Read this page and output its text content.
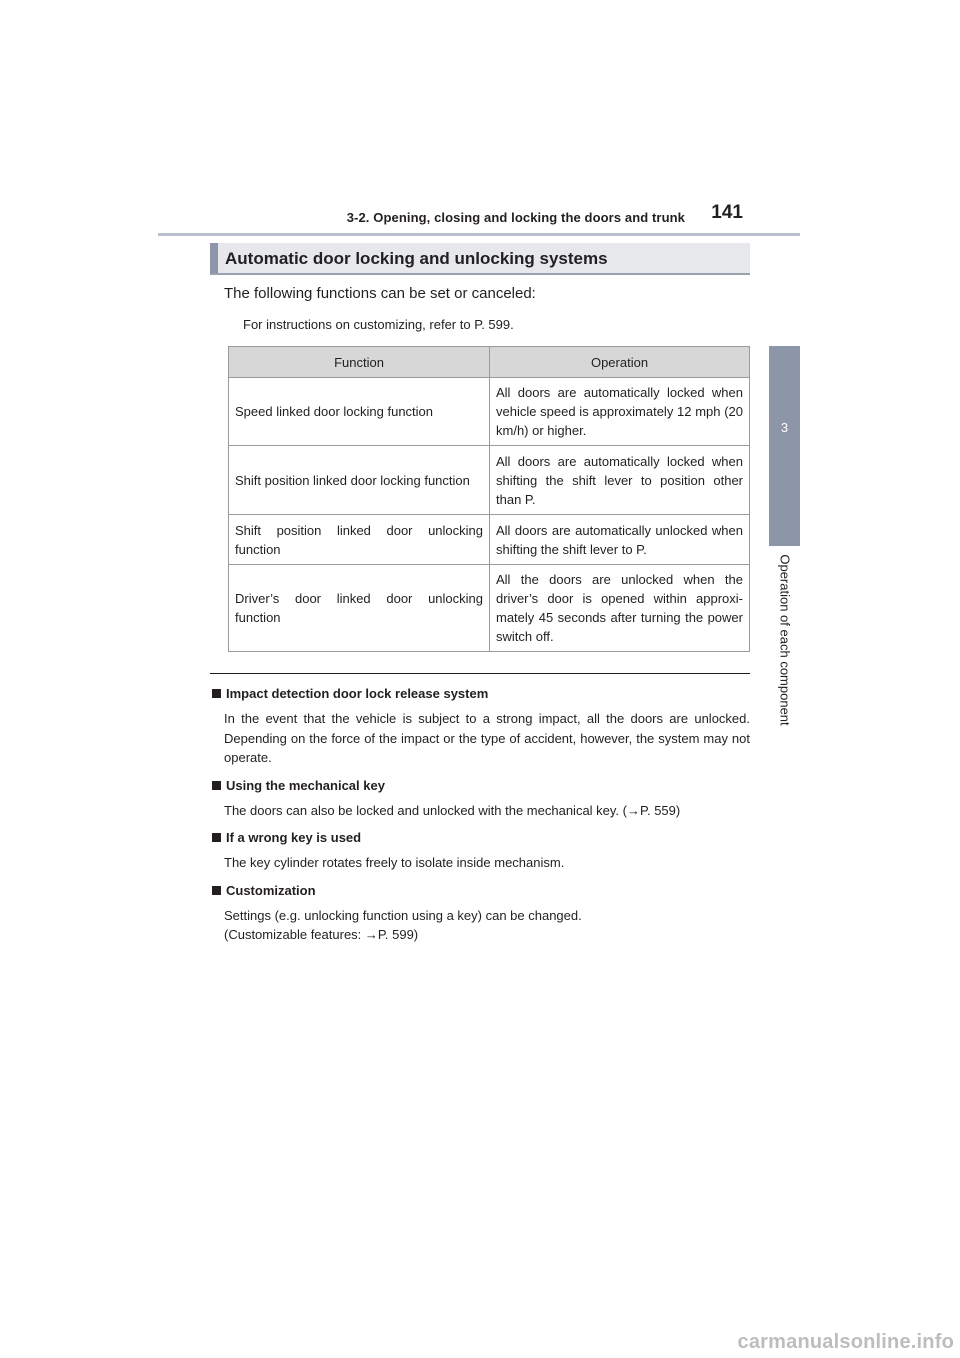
3-2. Opening, closing and locking the doors and trunk 141
3
Operation of each component
Automatic door locking and unlocking systems
The following functions can be set or canceled:
For instructions on customizing, refer to P. 599.
Function	Operation
Speed linked door locking function	All doors are automatically locked when vehicle speed is approximately 12 mph (20 km/h) or higher.
Shift position linked door locking function	All doors are automatically locked when shifting the shift lever to position other than P.
Shift position linked door unlocking function	All doors are automatically unlocked when shifting the shift lever to P.
Driver’s door linked door unlocking function	All the doors are unlocked when the driver’s door is opened within approxi-mately 45 seconds after turning the power switch off.
Impact detection door lock release system
In the event that the vehicle is subject to a strong impact, all the doors are unlocked. Depending on the force of the impact or the type of accident, however, the system may not operate.
Using the mechanical key
The doors can also be locked and unlocked with the mechanical key. (→P. 559)
If a wrong key is used
The key cylinder rotates freely to isolate inside mechanism.
Customization
Settings (e.g. unlocking function using a key) can be changed.
(Customizable features: →P. 599)
carmanualsonline.info
